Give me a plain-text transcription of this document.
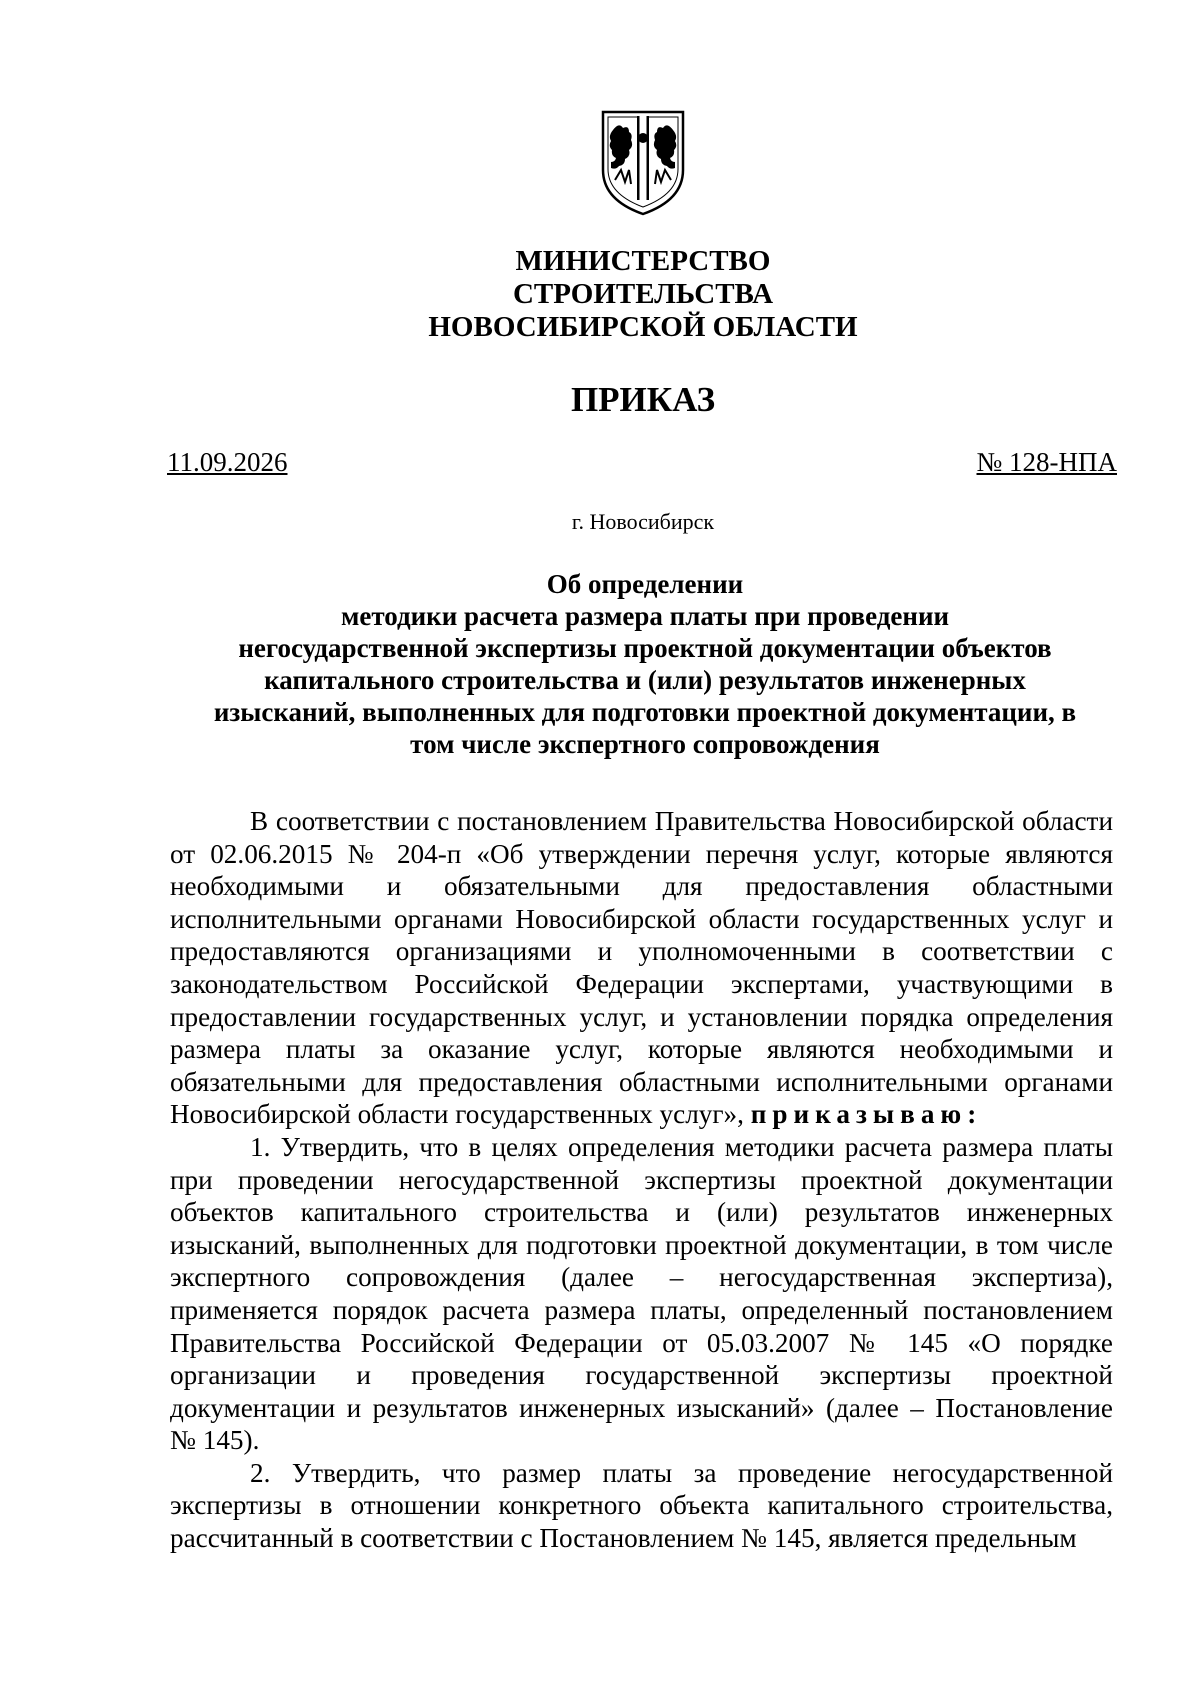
МИНИСТЕРСТВО
СТРОИТЕЛЬСТВА
НОВОСИБИРСКОЙ ОБЛАСТИ
ПРИКАЗ
11.09.2026	№ 128-НПА
г. Новосибирск
Об определении
методики расчета размера платы при проведении
негосударственной экспертизы проектной документации объектов
капитального строительства и (или) результатов инженерных
изысканий, выполненных для подготовки проектной документации, в
том числе экспертного сопровождения

В соответствии с постановлением Правительства Новосибирской области от 02.06.2015 № 204-п «Об утверждении перечня услуг, которые являются необходимыми и обязательными для предоставления областными исполнительными органами Новосибирской области государственных услуг и предоставляются организациями и уполномоченными в соответствии с законодательством Российской Федерации экспертами, участвующими в предоставлении государственных услуг, и установлении порядка определения размера платы за оказание услуг, которые являются необходимыми и обязательными для предоставления областными исполнительными органами Новосибирской области государственных услуг», приказываю:

1. Утвердить, что в целях определения методики расчета размера платы при проведении негосударственной экспертизы проектной документации объектов капитального строительства и (или) результатов инженерных изысканий, выполненных для подготовки проектной документации, в том числе экспертного сопровождения (далее – негосударственная экспертиза), применяется порядок расчета размера платы, определенный постановлением Правительства Российской Федерации от 05.03.2007 № 145 «О порядке организации и проведения государственной экспертизы проектной документации и результатов инженерных изысканий» (далее – Постановление № 145).

2. Утвердить, что размер платы за проведение негосударственной экспертизы в отношении конкретного объекта капитального строительства, рассчитанный в соответствии с Постановлением № 145, является предельным
